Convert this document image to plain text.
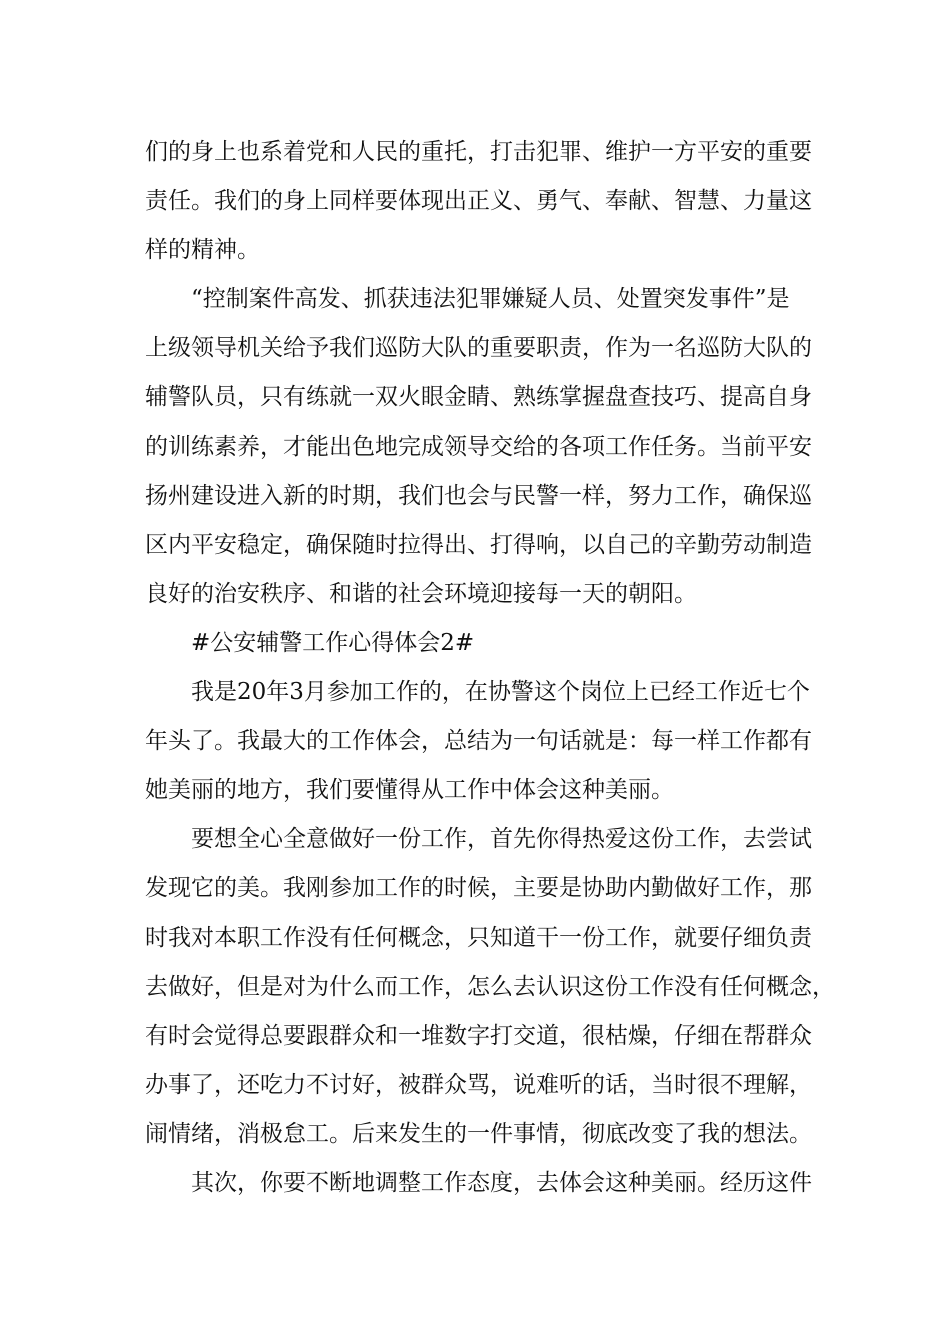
们的身上也系着党和人民的重托，打击犯罪、维护一方平安的重要
责任。我们的身上同样要体现出正义、勇气、奉献、智慧、力量这
样的精神。
“控制案件高发、抓获违法犯罪嫌疑人员、处置突发事件”是
上级领导机关给予我们巡防大队的重要职责，作为一名巡防大队的
辅警队员，只有练就一双火眼金睛、熟练掌握盘查技巧、提高自身
的训练素养，才能出色地完成领导交给的各项工作任务。当前平安
扬州建设进入新的时期，我们也会与民警一样，努力工作，确保巡
区内平安稳定，确保随时拉得出、打得响，以自己的辛勤劳动制造
良好的治安秩序、和谐的社会环境迎接每一天的朝阳。
#公安辅警工作心得体会2#
我是20年3月参加工作的，在协警这个岗位上已经工作近七个
年头了。我最大的工作体会，总结为一句话就是：每一样工作都有
她美丽的地方，我们要懂得从工作中体会这种美丽。
要想全心全意做好一份工作，首先你得热爱这份工作，去尝试
发现它的美。我刚参加工作的时候，主要是协助内勤做好工作，那
时我对本职工作没有任何概念，只知道干一份工作，就要仔细负责
去做好，但是对为什么而工作，怎么去认识这份工作没有任何概念，
有时会觉得总要跟群众和一堆数字打交道，很枯燥，仔细在帮群众
办事了，还吃力不讨好，被群众骂，说难听的话，当时很不理解，
闹情绪，消极怠工。后来发生的一件事情，彻底改变了我的想法。
其次，你要不断地调整工作态度，去体会这种美丽。经历这件
